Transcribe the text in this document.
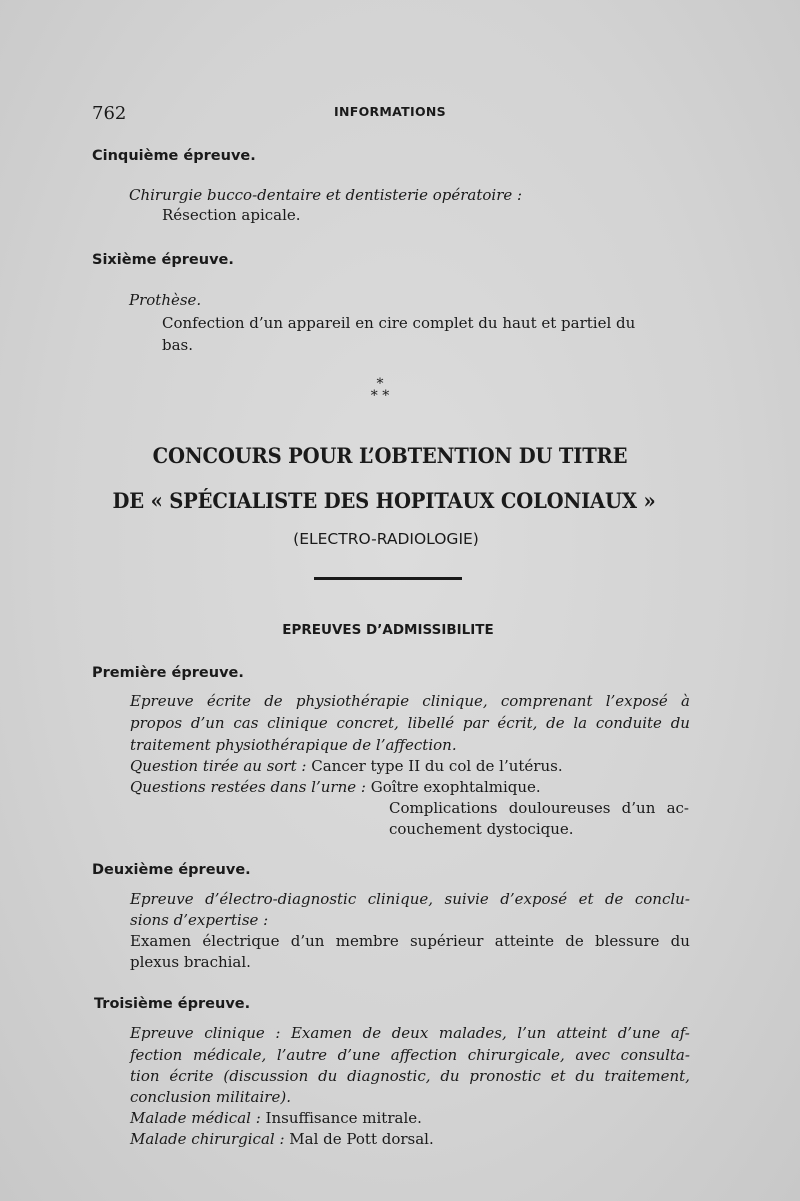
762	INFORMATIONS
Cinquième épreuve.
Chirurgie bucco-dentaire et dentisterie opératoire :
Résection apicale.
Sixième épreuve.
Prothèse.
Confection d’un appareil en cire complet du haut et partiel du
bas.
*
* *
CONCOURS POUR L’OBTENTION DU TITRE
DE « SPÉCIALISTE DES HOPITAUX COLONIAUX »
(ELECTRO-RADIOLOGIE)
EPREUVES D’ADMISSIBILITE
Première épreuve.
Epreuve écrite de physiothérapie clinique, comprenant l’exposé à
propos d’un cas clinique concret, libellé par écrit, de la conduite du
traitement physiothérapique de l’affection.
Question tirée au sort : Cancer type II du col de l’utérus.
Questions restées dans l’urne : Goître exophtalmique.
Complications douloureuses d’un ac-
couchement dystocique.
Deuxième épreuve.
Epreuve d’électro-diagnostic clinique, suivie d’exposé et de conclu-
sions d’expertise :
Examen électrique d’un membre supérieur atteinte de blessure du
plexus brachial.
Troisième épreuve.
Epreuve clinique : Examen de deux malades, l’un atteint d’une af-
fection médicale, l’autre d’une affection chirurgicale, avec consulta-
tion écrite (discussion du diagnostic, du pronostic et du traitement,
conclusion militaire).
Malade médical : Insuffisance mitrale.
Malade chirurgical : Mal de Pott dorsal.
